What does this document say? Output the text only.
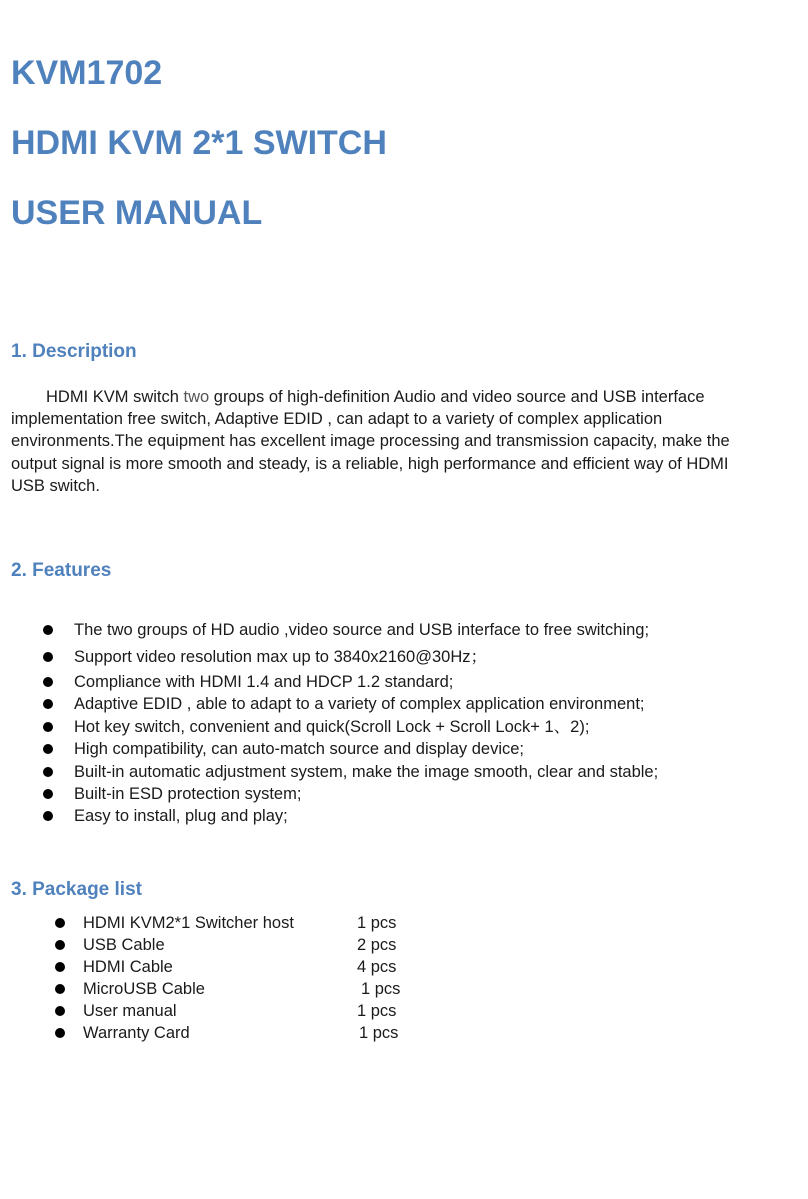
KVM1702
HDMI KVM 2*1 SWITCH
USER MANUAL
1. Description

HDMI KVM switch two groups of high-definition Audio and video source and USB interface implementation free switch, Adaptive EDID , can adapt to a variety of complex application environments.The equipment has excellent image processing and transmission capacity, make the output signal is more smooth and steady, is a reliable, high performance and efficient way of HDMI USB switch.

2. Features
The two groups of HD audio ,video source and USB interface to free switching;
Support video resolution max up to 3840x2160@30Hz；
Compliance with HDMI 1.4 and HDCP 1.2 standard;
Adaptive EDID , able to adapt to a variety of complex application environment;
Hot key switch, convenient and quick(Scroll Lock + Scroll Lock+ 1、2);
High compatibility, can auto-match source and display device;
Built-in automatic adjustment system, make the image smooth, clear and stable;
Built-in ESD protection system;
Easy to install, plug and play;
3. Package list
HDMI KVM2*1 Switcher host	1 pcs
USB Cable	2 pcs
HDMI Cable	4 pcs
MicroUSB Cable	1 pcs
User manual	1 pcs
Warranty Card	1 pcs
